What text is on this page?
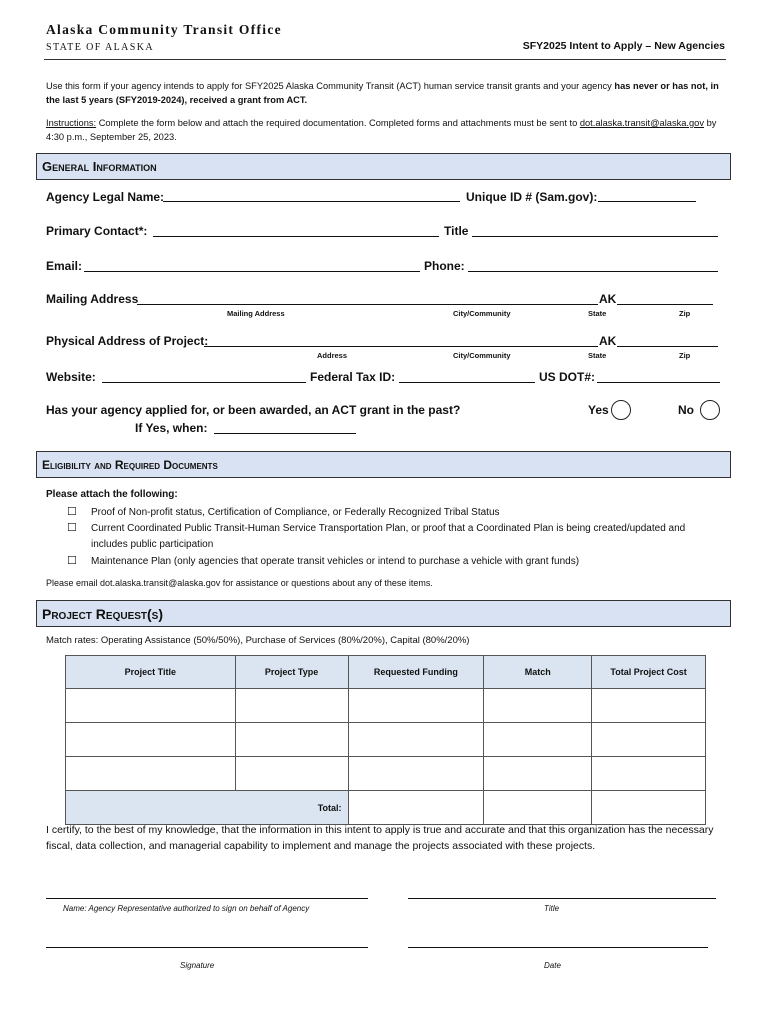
Alaska Community Transit Office
STATE OF ALASKA	SFY2025 Intent to Apply – New Agencies
Use this form if your agency intends to apply for SFY2025 Alaska Community Transit (ACT) human service transit grants and your agency has never or has not, in the last 5 years (SFY2019-2024), received a grant from ACT.
Instructions: Complete the form below and attach the required documentation. Completed forms and attachments must be sent to dot.alaska.transit@alaska.gov by 4:30 p.m., September 25, 2023.
General Information
Agency Legal Name:	Unique ID # (Sam.gov):
Primary Contact*:	Title
Email:	Phone:
Mailing Address	AK
Mailing Address	City/Community	State	Zip
Physical Address of Project:	AK
Address	City/Community	State	Zip
Website:	Federal Tax ID:	US DOT#:
Has your agency applied for, or been awarded, an ACT grant in the past?	Yes	No
If Yes, when:
Eligibility and Required Documents
Please attach the following:
☐ Proof of Non-profit status, Certification of Compliance, or Federally Recognized Tribal Status
☐ Current Coordinated Public Transit-Human Service Transportation Plan, or proof that a Coordinated Plan is being created/updated and includes public participation
☐ Maintenance Plan (only agencies that operate transit vehicles or intend to purchase a vehicle with grant funds)
Please email dot.alaska.transit@alaska.gov for assistance or questions about any of these items.
Project Request(s)
Match rates: Operating Assistance (50%/50%), Purchase of Services (80%/20%), Capital (80%/20%)
Project Title	Project Type	Requested Funding	Match	Total Project Cost

Total:				
I certify, to the best of my knowledge, that the information in this intent to apply is true and accurate and that this organization has the necessary fiscal, data collection, and managerial capability to implement and manage the projects associated with these projects.
Name: Agency Representative authorized to sign on behalf of Agency	Title
Signature	Date
